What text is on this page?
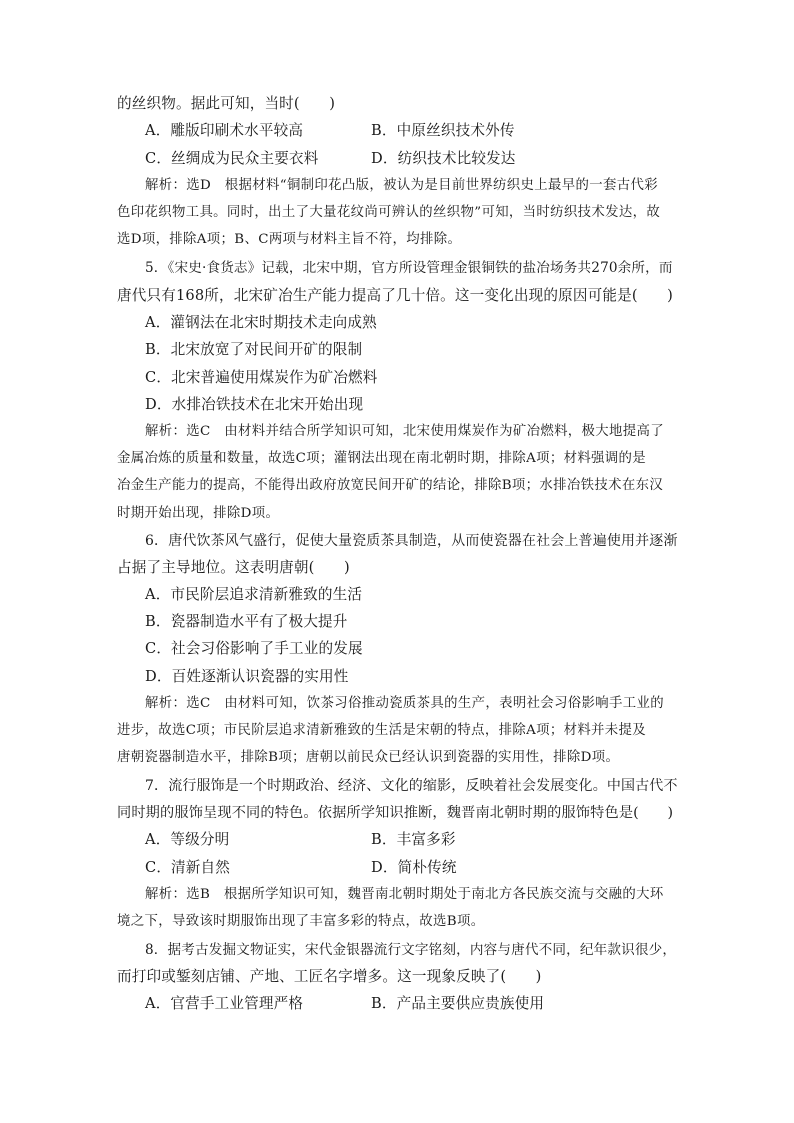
的丝织物。据此可知，当时(　　)
A．雕版印刷术水平较高	B．中原丝织技术外传
C．丝绸成为民众主要衣料	D．纺织技术比较发达
解析：选D　根据材料“铜制印花凸版，被认为是目前世界纺织史上最早的一套古代彩
色印花织物工具。同时，出土了大量花纹尚可辨认的丝织物”可知，当时纺织技术发达，故
选D项，排除A项；B、C两项与材料主旨不符，均排除。
5．《宋史·食货志》记载，北宋中期，官方所设管理金银铜铁的盐冶场务共270余所，而
唐代只有168所，北宋矿冶生产能力提高了几十倍。这一变化出现的原因可能是(　　)
A．灌钢法在北宋时期技术走向成熟
B．北宋放宽了对民间开矿的限制
C．北宋普遍使用煤炭作为矿冶燃料
D．水排冶铁技术在北宋开始出现
解析：选C　由材料并结合所学知识可知，北宋使用煤炭作为矿冶燃料，极大地提高了
金属冶炼的质量和数量，故选C项；灌钢法出现在南北朝时期，排除A项；材料强调的是
冶金生产能力的提高，不能得出政府放宽民间开矿的结论，排除B项；水排冶铁技术在东汉
时期开始出现，排除D项。
6．唐代饮茶风气盛行，促使大量瓷质茶具制造，从而使瓷器在社会上普遍使用并逐渐
占据了主导地位。这表明唐朝(　　)
A．市民阶层追求清新雅致的生活
B．瓷器制造水平有了极大提升
C．社会习俗影响了手工业的发展
D．百姓逐渐认识瓷器的实用性
解析：选C　由材料可知，饮茶习俗推动瓷质茶具的生产，表明社会习俗影响手工业的
进步，故选C项；市民阶层追求清新雅致的生活是宋朝的特点，排除A项；材料并未提及
唐朝瓷器制造水平，排除B项；唐朝以前民众已经认识到瓷器的实用性，排除D项。
7．流行服饰是一个时期政治、经济、文化的缩影，反映着社会发展变化。中国古代不
同时期的服饰呈现不同的特色。依据所学知识推断，魏晋南北朝时期的服饰特色是(　　)
A．等级分明	B．丰富多彩
C．清新自然	D．简朴传统
解析：选B　根据所学知识可知，魏晋南北朝时期处于南北方各民族交流与交融的大环
境之下，导致该时期服饰出现了丰富多彩的特点，故选B项。
8．据考古发掘文物证实，宋代金银器流行文字铭刻，内容与唐代不同，纪年款识很少，
而打印或錾刻店铺、产地、工匠名字增多。这一现象反映了(　　)
A．官营手工业管理严格	B．产品主要供应贵族使用
